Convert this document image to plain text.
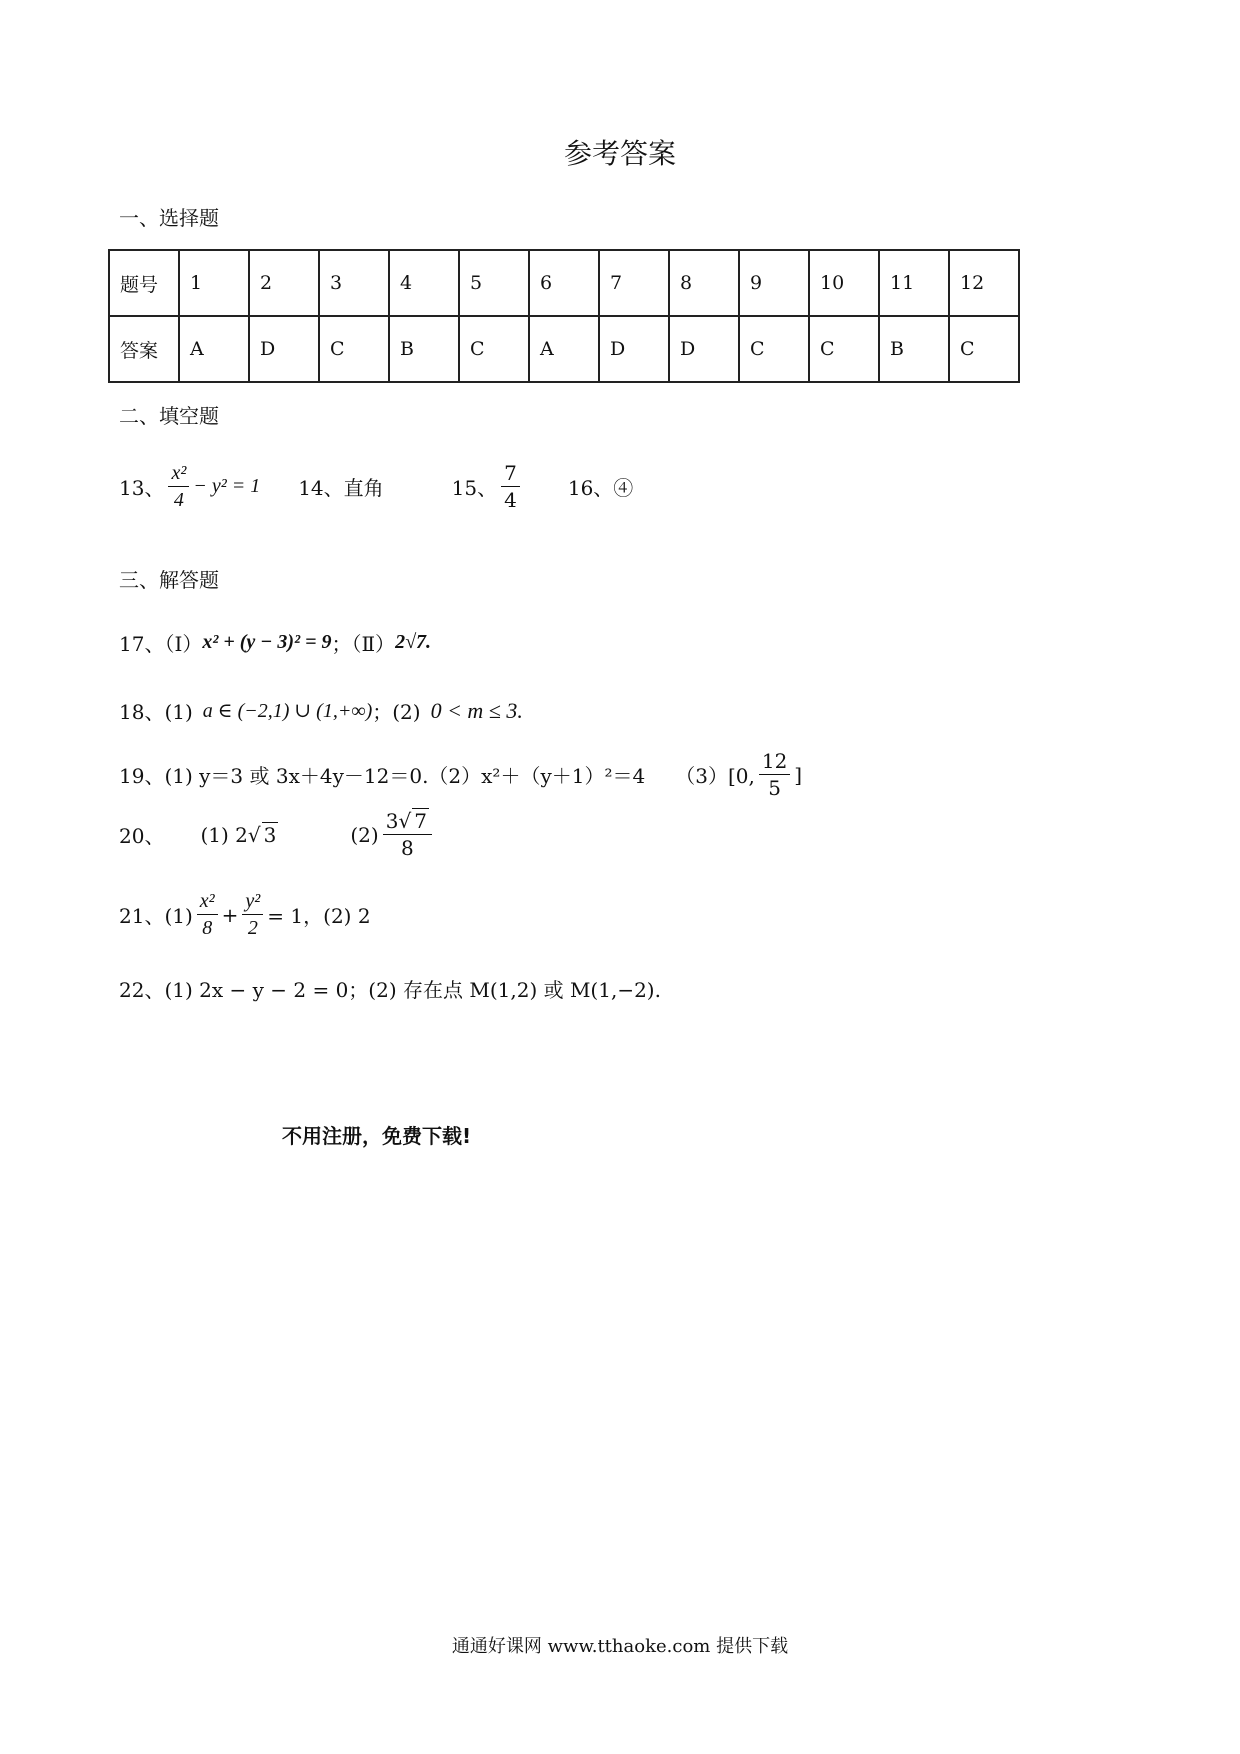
参考答案
一、选择题
题号	1	2	3	4	5	6	7	8	9	10	11	12
答案	A	D	C	B	C	A	D	D	C	C	B	C
二、填空题
13、 $\frac{\text{x²}}{4} - y^2 = 1$ 14、直角	15、 $\frac{7}{4} 16$、④
三、解答题
17、（Ⅰ） x² + (y − 3)² = 9 ；（Ⅱ） 2√7.
18、(1) a ∈ (−2,1) ∪ (1,+∞) ；(2) 0 < m ≤ 3.
19、(1) y＝3 或 3x＋4y－12＝0.（2）x²＋（y＋1）²＝4 （3）[0, $\frac{12}{5}$ ]
20、 (1) 2 √ 3	$(2) \frac{3√ 7}{8}$
21、$(1) \frac{\text{x²}}{8} + \frac{\text{y²}}{2} = 1$，(2) 2
22、(1) 2x − y − 2 = 0；(2) 存在点 M(1,2) 或 M(1,−2).
不用注册，免费下载!
通通好课网 www.tthaoke.com 提供下载
